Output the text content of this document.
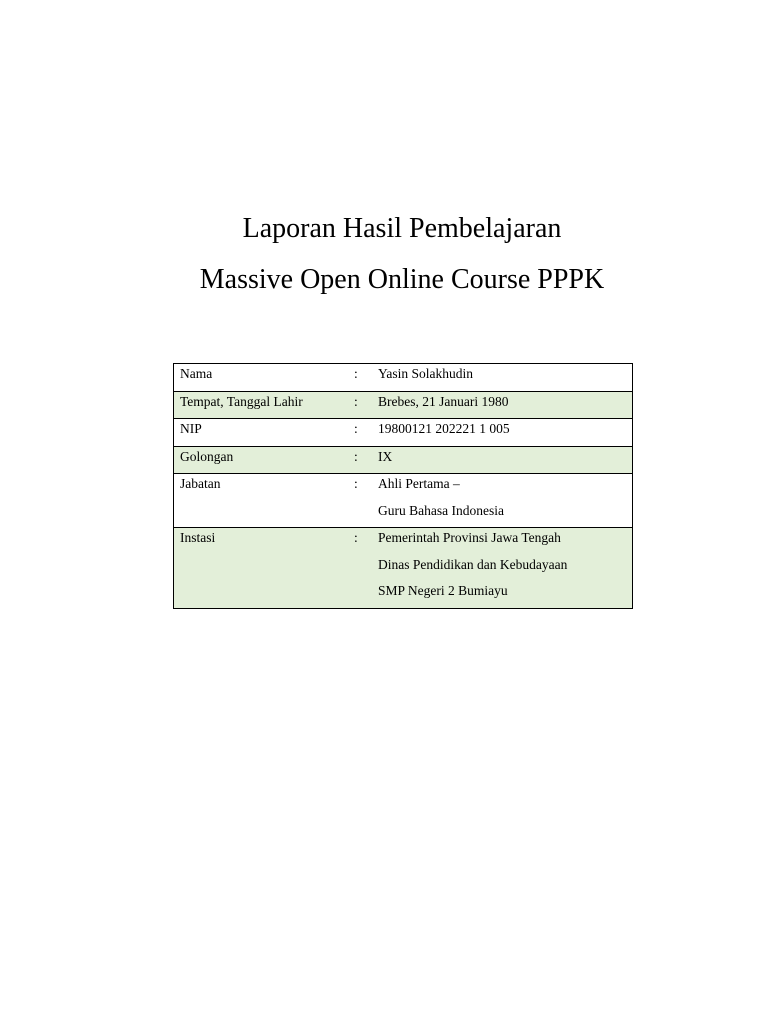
Laporan Hasil Pembelajaran
Massive Open Online Course PPPK
Nama	:	Yasin Solakhudin
Tempat, Tanggal Lahir	:	Brebes, 21 Januari 1980
NIP	:	19800121 202221 1 005
Golongan	:	IX
Jabatan	:	Ahli Pertama –
Guru Bahasa Indonesia
Instasi	:	Pemerintah Provinsi Jawa Tengah
Dinas Pendidikan dan Kebudayaan
SMP Negeri 2 Bumiayu
